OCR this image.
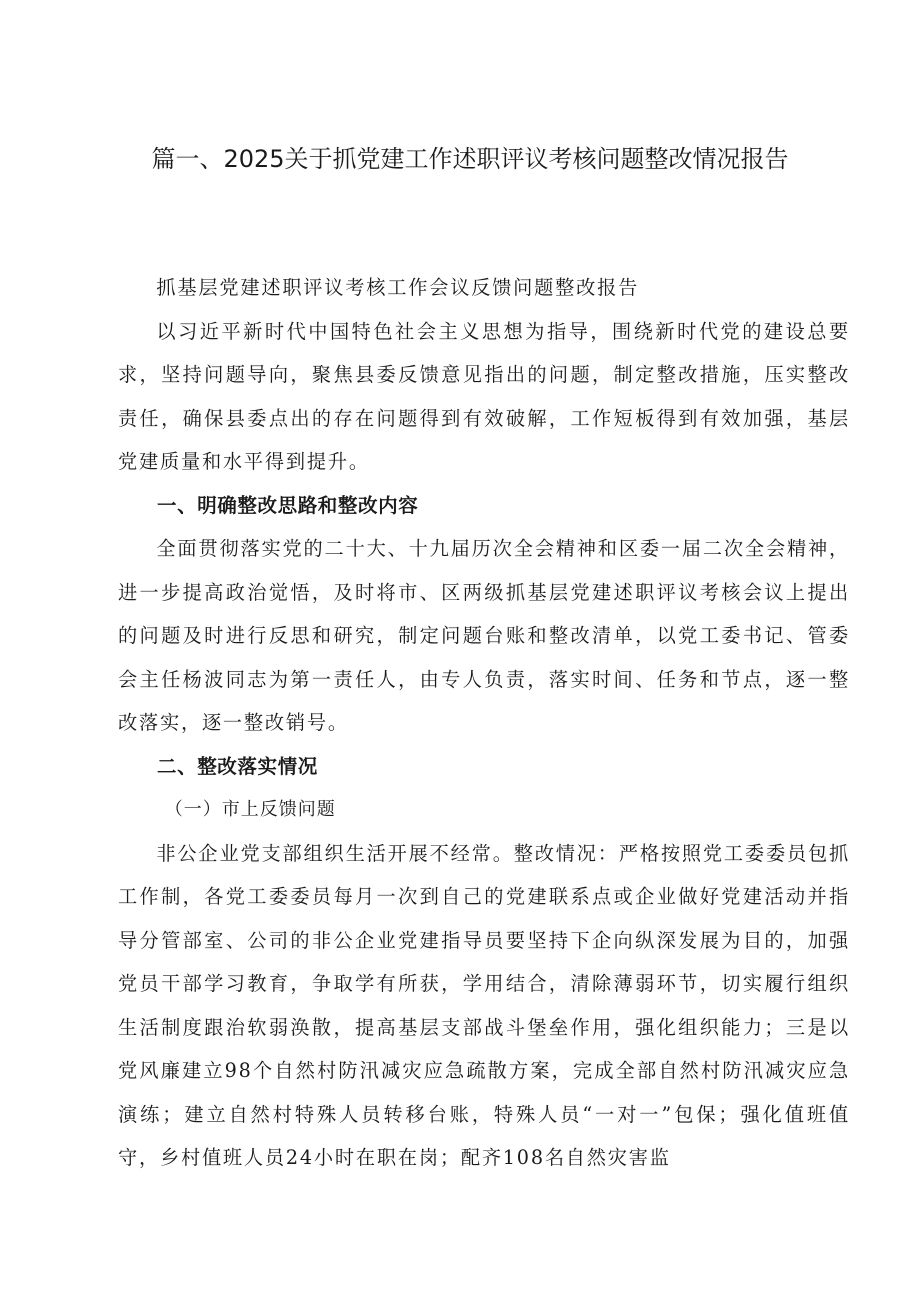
篇一、2025关于抓党建工作述职评议考核问题整改情况报告

抓基层党建述职评议考核工作会议反馈问题整改报告

以习近平新时代中国特色社会主义思想为指导，围绕新时代党的建设总要求，坚持问题导向，聚焦县委反馈意见指出的问题，制定整改措施，压实整改责任，确保县委点出的存在问题得到有效破解，工作短板得到有效加强，基层党建质量和水平得到提升。

一、明确整改思路和整改内容

全面贯彻落实党的二十大、十九届历次全会精神和区委一届二次全会精神，进一步提高政治觉悟，及时将市、区两级抓基层党建述职评议考核会议上提出的问题及时进行反思和研究，制定问题台账和整改清单，以党工委书记、管委会主任杨波同志为第一责任人，由专人负责，落实时间、任务和节点，逐一整改落实，逐一整改销号。

二、整改落实情况

（一）市上反馈问题

非公企业党支部组织生活开展不经常。整改情况：严格按照党工委委员包抓工作制，各党工委委员每月一次到自己的党建联系点或企业做好党建活动并指导分管部室、公司的非公企业党建指导员要坚持下企向纵深发展为目的，加强党员干部学习教育，争取学有所获，学用结合，清除薄弱环节，切实履行组织生活制度跟治软弱涣散，提高基层支部战斗堡垒作用，强化组织能力；三是以党风廉建立98个自然村防汛减灾应急疏散方案，完成全部自然村防汛减灾应急演练；建立自然村特殊人员转移台账，特殊人员“一对一”包保；强化值班值守，乡村值班人员24小时在职在岗；配齐108名自然灾害监
